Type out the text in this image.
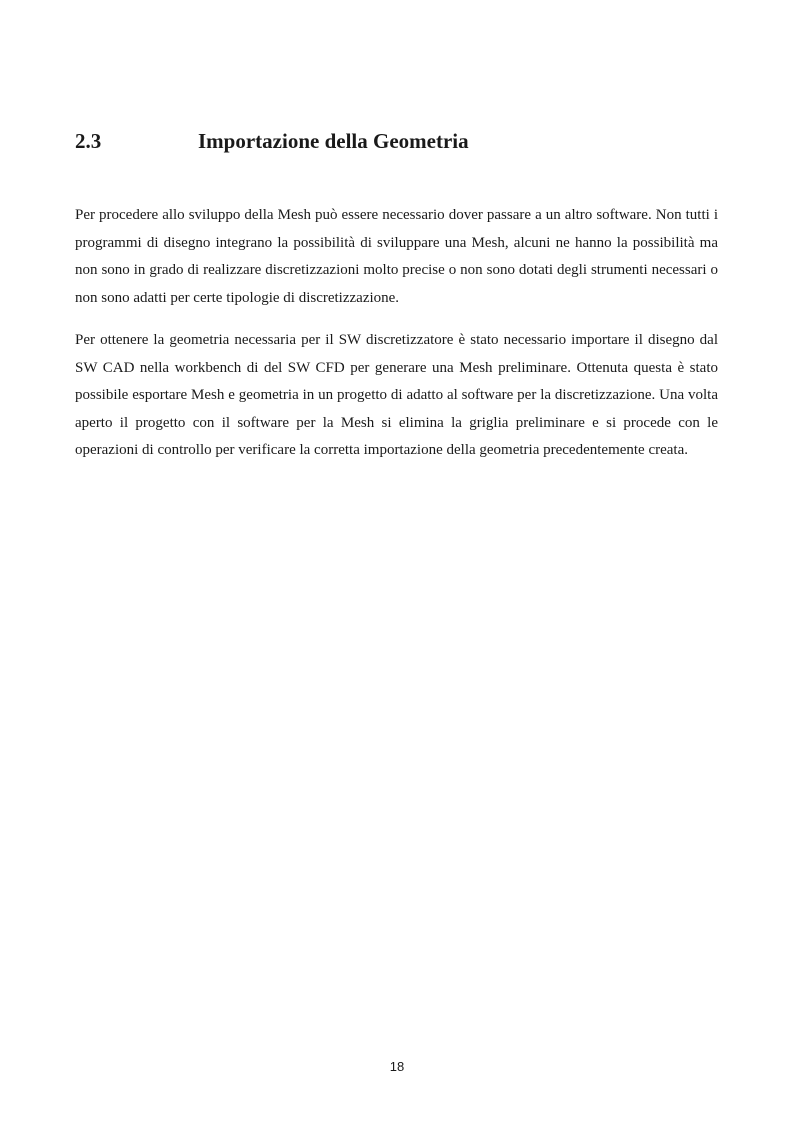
2.3	Importazione della Geometria

Per procedere allo sviluppo della Mesh può essere necessario dover passare a un altro software. Non tutti i programmi di disegno integrano la possibilità di sviluppare una Mesh, alcuni ne hanno la possibilità ma non sono in grado di realizzare discretizzazioni molto precise o non sono dotati degli strumenti necessari o non sono adatti per certe tipologie di discretizzazione.

Per ottenere la geometria necessaria per il SW discretizzatore è stato necessario importare il disegno dal SW CAD nella workbench di del SW CFD per generare una Mesh preliminare. Ottenuta questa è stato possibile esportare Mesh e geometria in un progetto di adatto al software per la discretizzazione. Una volta aperto il progetto con il software per la Mesh si elimina la griglia preliminare e si procede con le operazioni di controllo per verificare la corretta importazione della geometria precedentemente creata.

18
